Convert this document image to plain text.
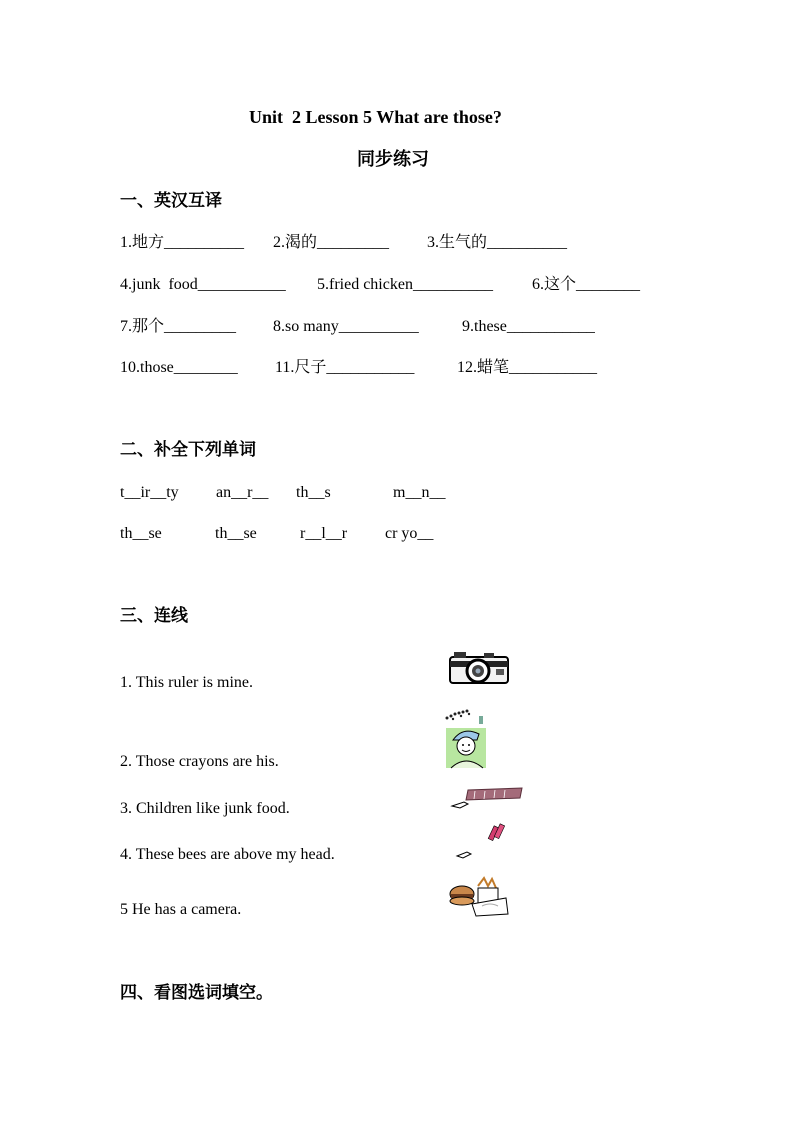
Unit  2 Lesson 5 What are those?
同步练习
一、英汉互译
1.地方__________ 2.渴的_________ 3.生气的__________
4.junk  food___________ 5.fried chicken__________ 6.这个________
7.那个_________ 8.so many__________	9.these___________
10.those________ 11.尺子___________	12.蜡笔___________
二、补全下列单词
t__ir__ty an__r__ th__s	m__n__
th__se	th__se	r__l__r cr yo__
三、连线
1. This ruler is mine.
2. Those crayons are his.
3. Children like junk food.
4. These bees are above my head.
5 He has a camera.
四、看图选词填空。
